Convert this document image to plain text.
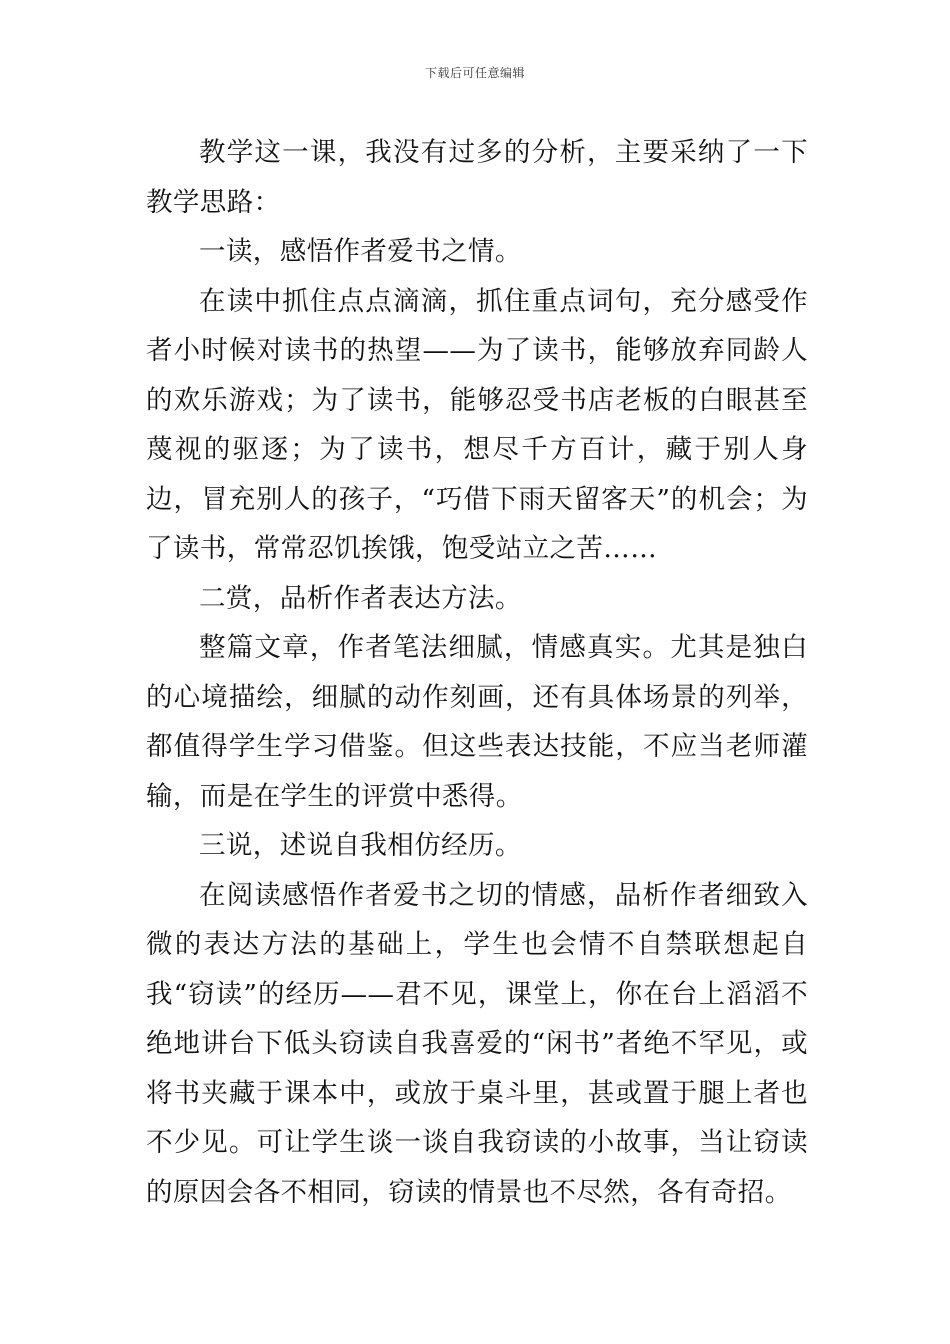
下载后可任意编辑

教学这一课，我没有过多的分析，主要采纳了一下教学思路：

一读，感悟作者爱书之情。

在读中抓住点点滴滴，抓住重点词句，充分感受作者小时候对读书的热望——为了读书，能够放弃同龄人的欢乐游戏；为了读书，能够忍受书店老板的白眼甚至蔑视的驱逐；为了读书，想尽千方百计，藏于别人身边，冒充别人的孩子，“巧借下雨天留客天”的机会；为了读书，常常忍饥挨饿，饱受站立之苦……

二赏，品析作者表达方法。

整篇文章，作者笔法细腻，情感真实。尤其是独白的心境描绘，细腻的动作刻画，还有具体场景的列举，都值得学生学习借鉴。但这些表达技能，不应当老师灌输，而是在学生的评赏中悉得。

三说，述说自我相仿经历。

在阅读感悟作者爱书之切的情感，品析作者细致入微的表达方法的基础上，学生也会情不自禁联想起自我“窃读”的经历——君不见，课堂上，你在台上滔滔不绝地讲台下低头窃读自我喜爱的“闲书”者绝不罕见，或将书夹藏于课本中，或放于桌斗里，甚或置于腿上者也不少见。可让学生谈一谈自我窃读的小故事，当让窃读的原因会各不相同，窃读的情景也不尽然，各有奇招。
